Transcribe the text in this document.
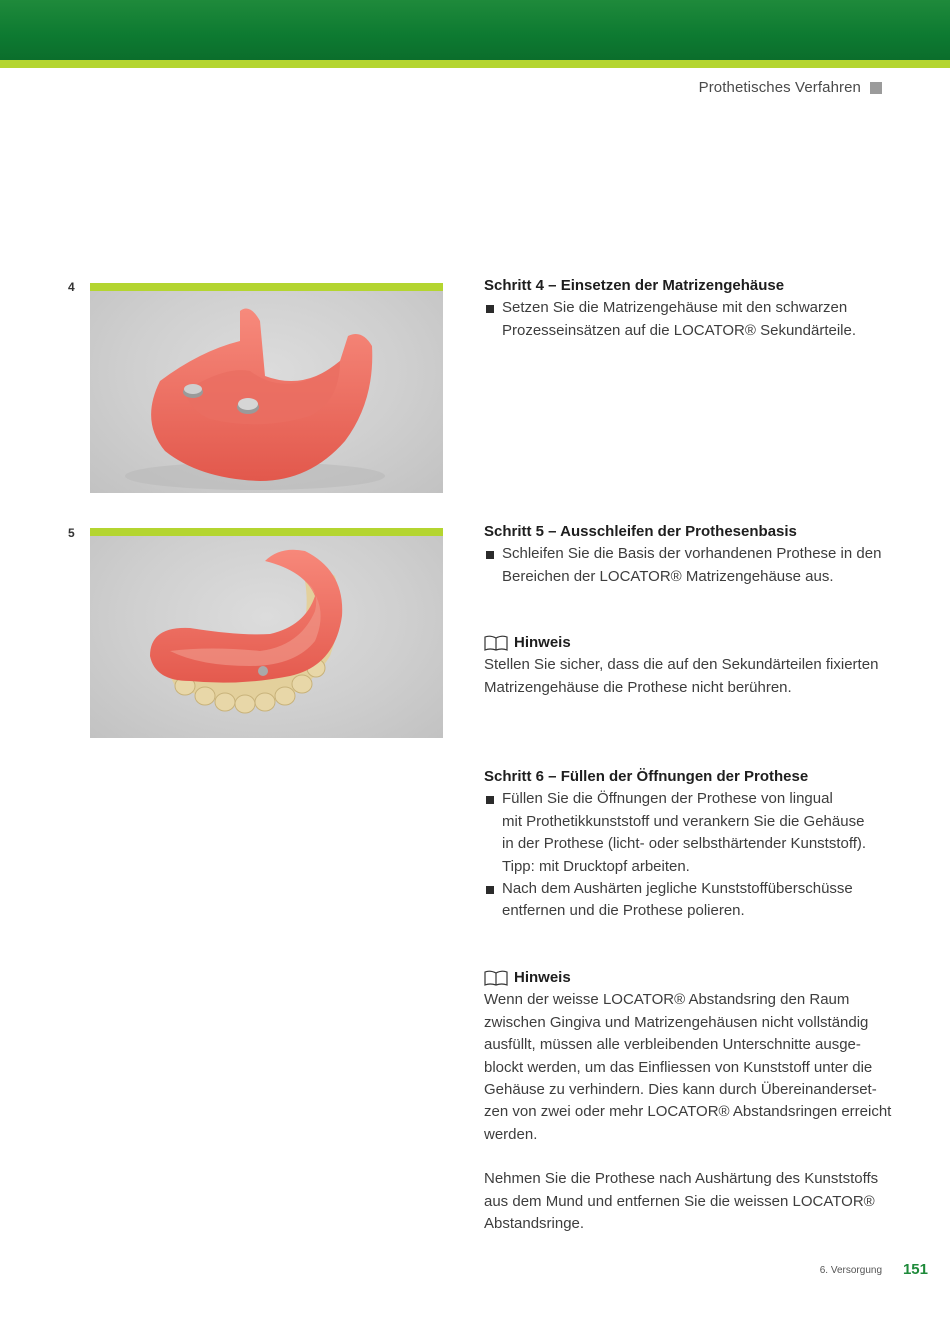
Prothetisches Verfahren
4
5
Schritt 4 – Einsetzen der Matrizengehäuse
Setzen Sie die Matrizengehäuse mit den schwarzen
Prozesseinsätzen auf die LOCATOR® Sekundärteile.
Schritt 5 – Ausschleifen der Prothesenbasis
Schleifen Sie die Basis der vorhandenen Prothese in den
Bereichen der LOCATOR® Matrizengehäuse aus.
Hinweis
Stellen Sie sicher, dass die auf den Sekundärteilen fixierten
Matrizengehäuse die Prothese nicht berühren.
Schritt 6 – Füllen der Öffnungen der Prothese
Füllen Sie die Öffnungen der Prothese von lingual
mit Prothetikkunststoff und verankern Sie die Gehäuse
in der Prothese (licht- oder selbsthärtender Kunststoff).
Tipp: mit Drucktopf arbeiten.
Nach dem Aushärten jegliche Kunststoffüberschüsse
entfernen und die Prothese polieren.
Hinweis
Wenn der weisse LOCATOR® Abstandsring den Raum
zwischen Gingiva und Matrizengehäusen nicht vollständig
ausfüllt, müssen alle verbleibenden Unterschnitte ausge-
blockt werden, um das Einfliessen von Kunststoff unter die
Gehäuse zu verhindern. Dies kann durch Übereinanderset-
zen von zwei oder mehr LOCATOR® Abstandsringen erreicht
werden.
Nehmen Sie die Prothese nach Aushärtung des Kunststoffs
aus dem Mund und entfernen Sie die weissen LOCATOR®
Abstandsringe.
6. Versorgung 151
